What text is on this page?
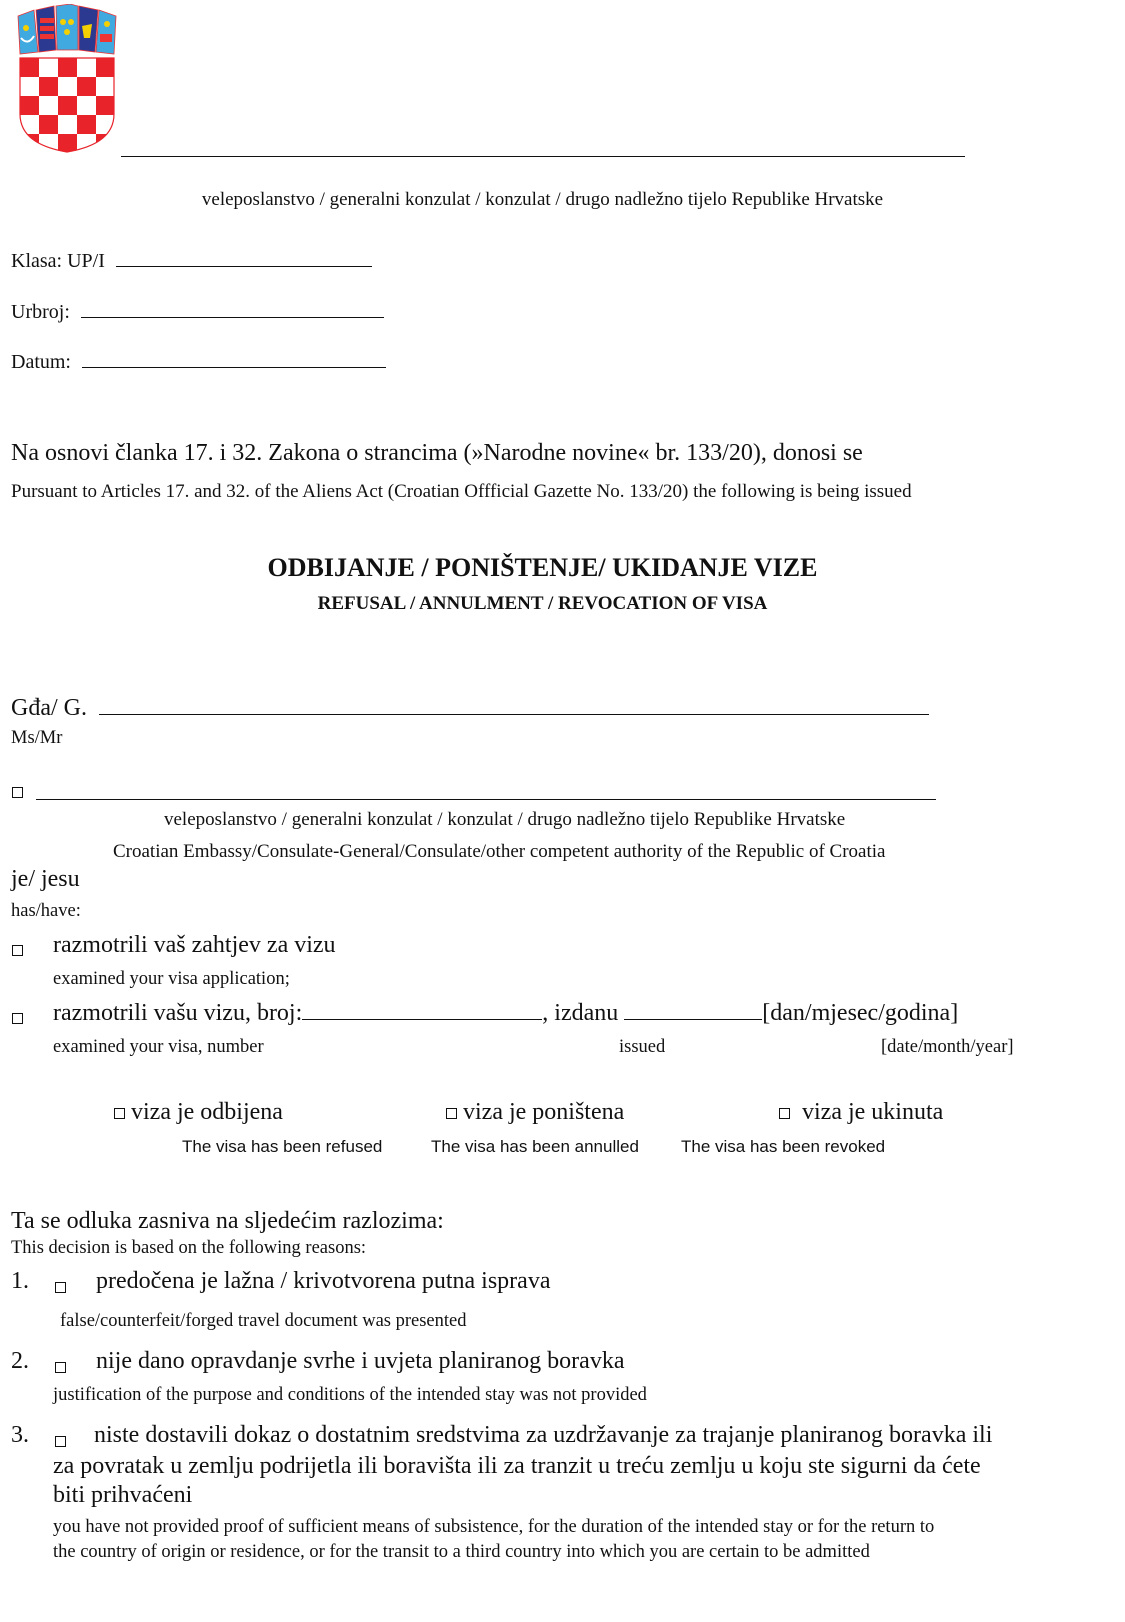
veleposlanstvo / generalni konzulat / konzulat / drugo nadležno tijelo Republike Hrvatske
Klasa: UP/I
Urbroj:
Datum:
Na osnovi članka 17. i 32. Zakona o strancima (»Narodne novine« br. 133/20), donosi se
Pursuant to Articles 17. and 32. of the Aliens Act (Croatian Offficial Gazette No. 133/20) the following is being issued
ODBIJANJE / PONIŠTENJE/ UKIDANJE VIZE
REFUSAL / ANNULMENT / REVOCATION OF VISA
Gđa/ G.
Ms/Mr
veleposlanstvo / generalni konzulat / konzulat / drugo nadležno tijelo Republike Hrvatske
Croatian Embassy/Consulate-General/Consulate/other competent authority of the Republic of Croatia
je/ jesu
has/have:
razmotrili vaš zahtjev za vizu
examined your visa application;
razmotrili vašu vizu, broj:	, izdanu	[dan/mjesec/godina]
examined your visa, number	issued	[date/month/year]
viza je odbijena
The visa has been refused
viza je poništena
The visa has been annulled
viza je ukinuta
The visa has been revoked
Ta se odluka zasniva na sljedećim razlozima:
This decision is based on the following reasons:
1.	predočena je lažna / krivotvorena putna isprava
false/counterfeit/forged travel document was presented
2.	nije dano opravdanje svrhe i uvjeta planiranog boravka
justification of the purpose and conditions of the intended stay was not provided
3.	niste dostavili dokaz o dostatnim sredstvima za uzdržavanje za trajanje planiranog boravka ili
za povratak u zemlju podrijetla ili boravišta ili za tranzit u treću zemlju u koju ste sigurni da ćete
biti prihvaćeni
you have not provided proof of sufficient means of subsistence, for the duration of the intended stay or for the return to
the country of origin or residence, or for the transit to a third country into which you are certain to be admitted
